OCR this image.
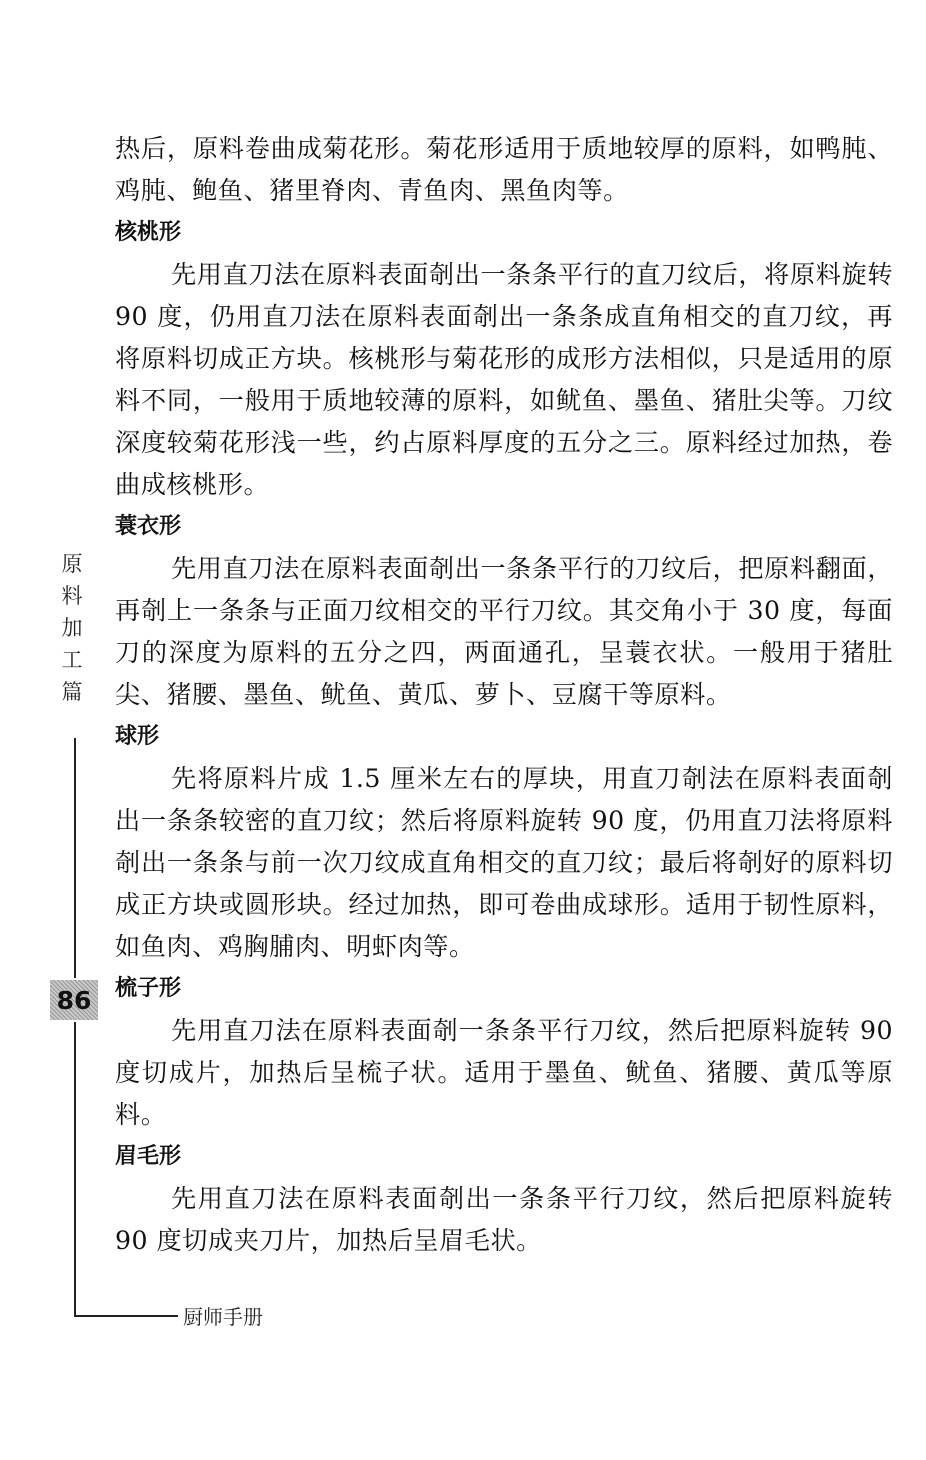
原
料
加
工
篇
86
厨师手册

热后，原料卷曲成菊花形。菊花形适用于质地较厚的原料，如鸭肫、鸡肫、鲍鱼、猪里脊肉、青鱼肉、黑鱼肉等。

核桃形

先用直刀法在原料表面剞出一条条平行的直刀纹后，将原料旋转 90 度，仍用直刀法在原料表面剞出一条条成直角相交的直刀纹，再将原料切成正方块。核桃形与菊花形的成形方法相似，只是适用的原料不同，一般用于质地较薄的原料，如鱿鱼、墨鱼、猪肚尖等。刀纹深度较菊花形浅一些，约占原料厚度的五分之三。原料经过加热，卷曲成核桃形。

蓑衣形

先用直刀法在原料表面剞出一条条平行的刀纹后，把原料翻面，再剞上一条条与正面刀纹相交的平行刀纹。其交角小于 30 度，每面刀的深度为原料的五分之四，两面通孔，呈蓑衣状。一般用于猪肚尖、猪腰、墨鱼、鱿鱼、黄瓜、萝卜、豆腐干等原料。

球形

先将原料片成 1.5 厘米左右的厚块，用直刀剞法在原料表面剞出一条条较密的直刀纹；然后将原料旋转 90 度，仍用直刀法将原料剞出一条条与前一次刀纹成直角相交的直刀纹；最后将剞好的原料切成正方块或圆形块。经过加热，即可卷曲成球形。适用于韧性原料，如鱼肉、鸡胸脯肉、明虾肉等。

梳子形

先用直刀法在原料表面剞一条条平行刀纹，然后把原料旋转 90 度切成片，加热后呈梳子状。适用于墨鱼、鱿鱼、猪腰、黄瓜等原料。

眉毛形

先用直刀法在原料表面剞出一条条平行刀纹，然后把原料旋转 90 度切成夹刀片，加热后呈眉毛状。
